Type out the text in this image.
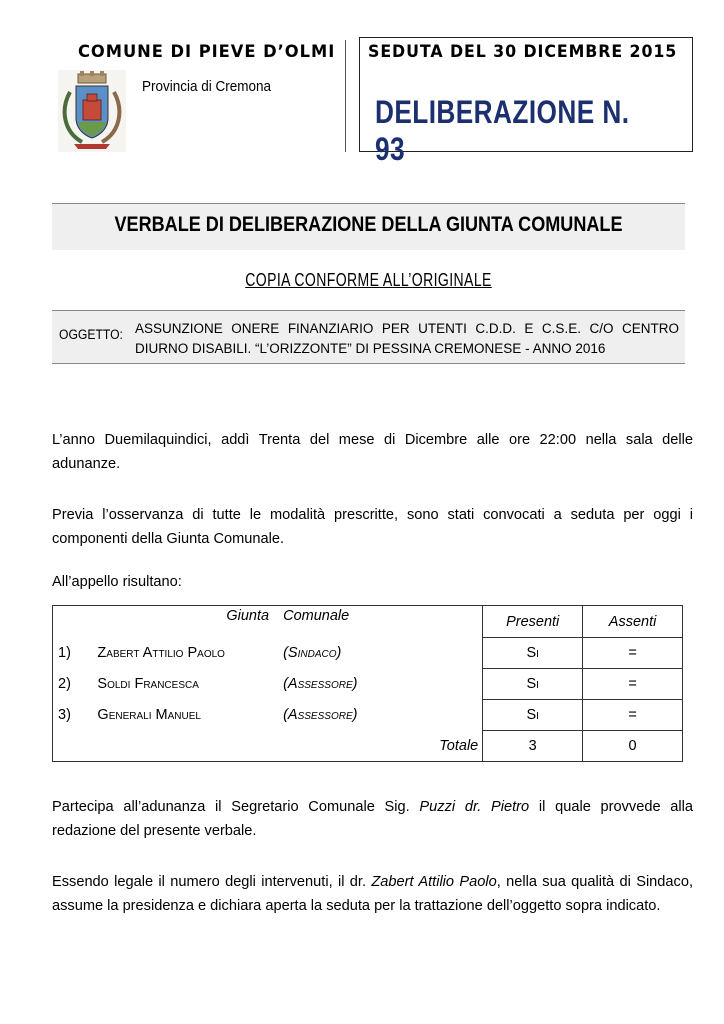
COMUNE DI PIEVE D’OLMI
Provincia di Cremona
SEDUTA DEL 30 DICEMBRE 2015
DELIBERAZIONE N. 93
VERBALE DI DELIBERAZIONE DELLA GIUNTA COMUNALE
COPIA CONFORME ALL’ORIGINALE
OGGETTO: ASSUNZIONE ONERE FINANZIARIO PER UTENTI C.D.D. E C.S.E. C/O CENTRO DIURNO DISABILI. “L’ORIZZONTE” DI PESSINA CREMONESE - ANNO 2016
L’anno Duemilaquindici, addì Trenta del mese di Dicembre alle ore 22:00 nella sala delle adunanze.
Previa l’osservanza di tutte le modalità prescritte, sono stati convocati a seduta per oggi i componenti della Giunta Comunale.
All’appello risultano:
Giunta		Comunale	Presenti	Assenti
1)	Zabert Attilio Paolo	(Sindaco)	Si	=
2)	Soldi Francesca	(Assessore)	Si	=
3)	Generali Manuel	(Assessore)	Si	=
Totale			3	0
Partecipa all’adunanza il Segretario Comunale Sig. Puzzi dr. Pietro il quale provvede alla redazione del presente verbale.
Essendo legale il numero degli intervenuti, il dr. Zabert Attilio Paolo, nella sua qualità di Sindaco, assume la presidenza e dichiara aperta la seduta per la trattazione dell’oggetto sopra indicato.
